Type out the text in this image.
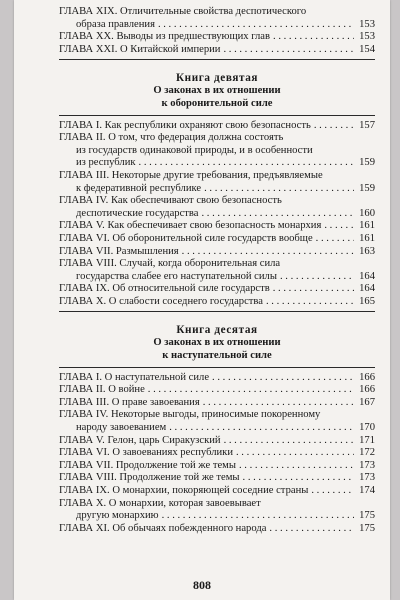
ГЛАВА XIX. Отличительные свойства деспотического
образа правления . . .	153
ГЛАВА XX. Выводы из предшествующих глав . . .	153
ГЛАВА XXI. О Китайской империи . . .	154
Книга девятая
О законах в их отношении
к оборонительной силе
ГЛАВА I. Как республики охраняют свою безопасность . . .	157
ГЛАВА II. О том, что федерация должна состоять
из государств одинаковой природы, и в особенности
из республик . . .	159
ГЛАВА III. Некоторые другие требования, предъявляемые
к федеративной республике . . .	159
ГЛАВА IV. Как обеспечивают свою безопасность
деспотические государства . . .	160
ГЛАВА V. Как обеспечивает свою безопасность монархия . . .	161
ГЛАВА VI. Об оборонительной силе государств вообще . . .	161
ГЛАВА VII. Размышления . . .	163
ГЛАВА VIII. Случай, когда оборонительная сила
государства слабее его наступательной силы . . .	164
ГЛАВА IX. Об относительной силе государств . . .	164
ГЛАВА X. О слабости соседнего государства . . .	165
Книга десятая
О законах в их отношении
к наступательной силе
ГЛАВА I. О наступательной силе . . .	166
ГЛАВА II. О войне . . .	166
ГЛАВА III. О праве завоевания . . .	167
ГЛАВА IV. Некоторые выгоды, приносимые покоренному
народу завоеванием . . .	170
ГЛАВА V. Гелон, царь Сиракузский . . .	171
ГЛАВА VI. О завоеваниях республики . . .	172
ГЛАВА VII. Продолжение той же темы . . .	173
ГЛАВА VIII. Продолжение той же темы . . .	173
ГЛАВА IX. О монархии, покоряющей соседние страны . . .	174
ГЛАВА X. О монархии, которая завоевывает
другую монархию . . .	175
ГЛАВА XI. Об обычаях побежденного народа . . .	175
808
